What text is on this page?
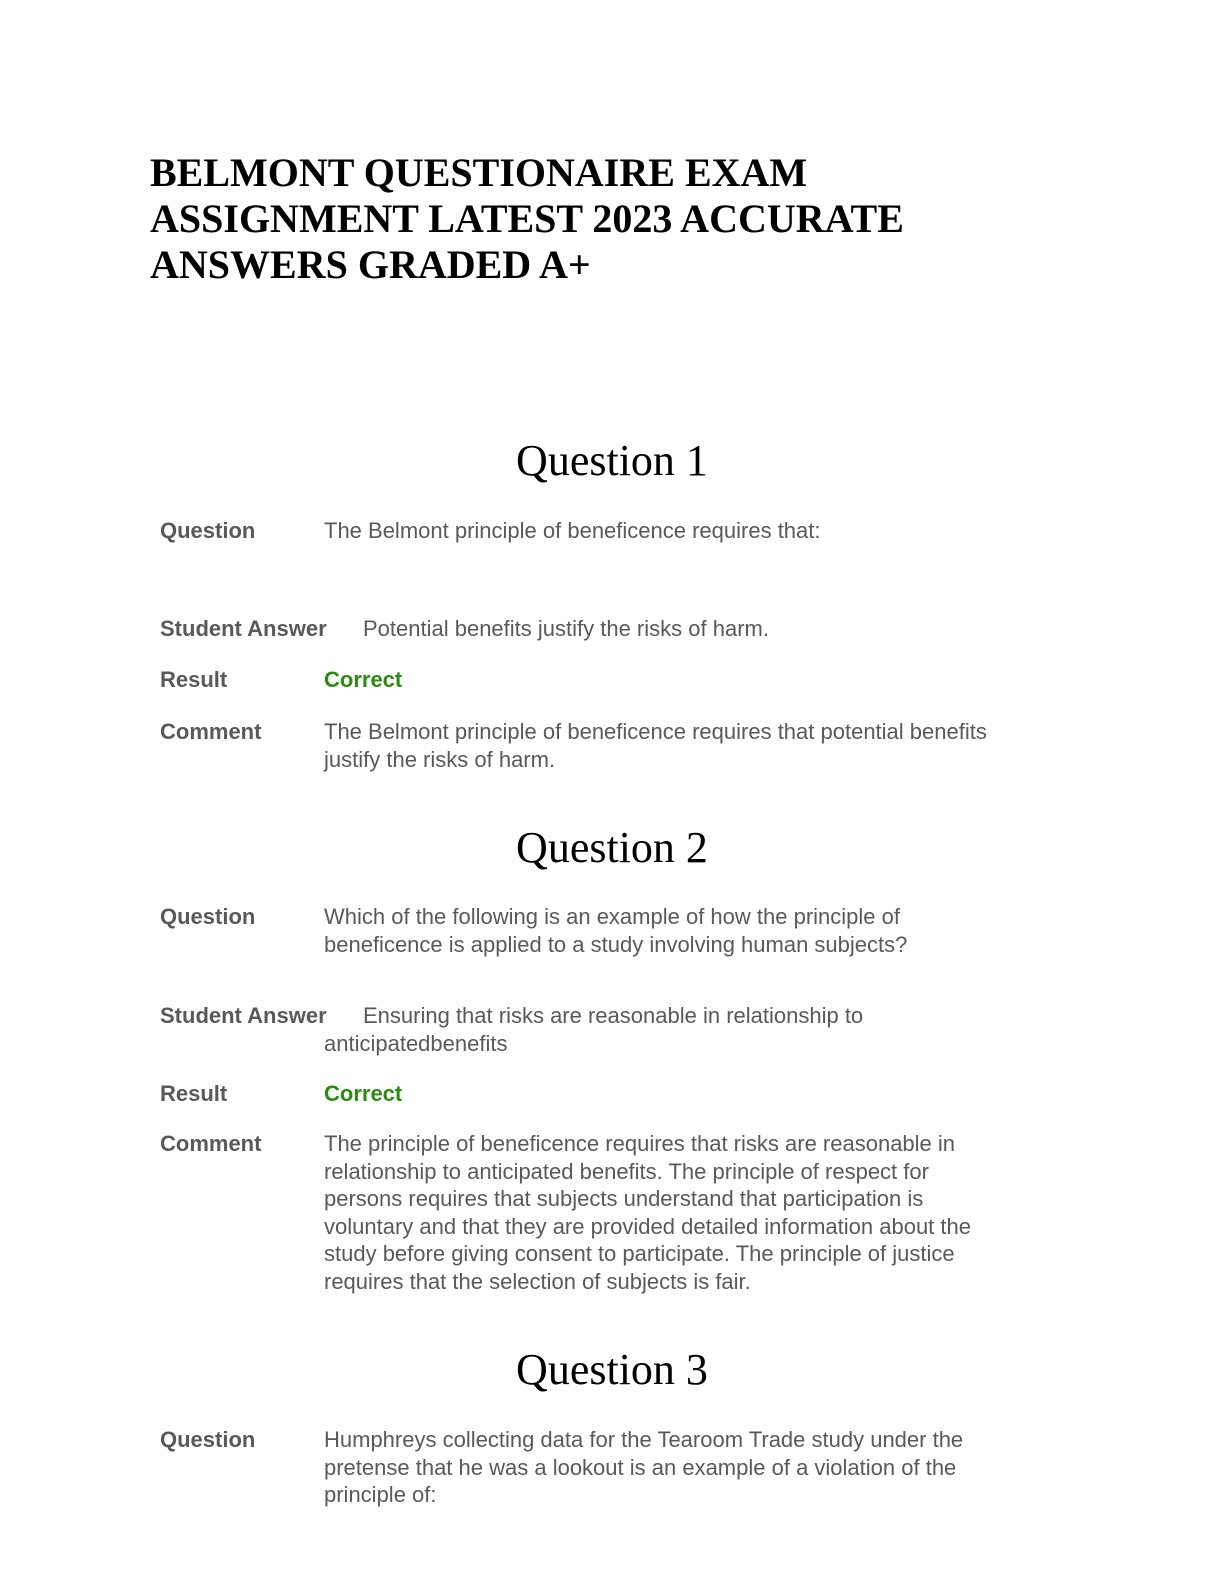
BELMONT QUESTIONAIRE EXAM
ASSIGNMENT LATEST 2023 ACCURATE
ANSWERS GRADED A+
Question 1
Question	The Belmont principle of beneficence requires that:
Student Answer Potential benefits justify the risks of harm.
Result	Correct
Comment	The Belmont principle of beneficence requires that potential benefits
justify the risks of harm.
Question 2
Question	Which of the following is an example of how the principle of
beneficence is applied to a study involving human subjects?
Student Answer Ensuring that risks are reasonable in relationship to
anticipatedbenefits
Result	Correct
Comment	The principle of beneficence requires that risks are reasonable in
relationship to anticipated benefits. The principle of respect for
persons requires that subjects understand that participation is
voluntary and that they are provided detailed information about the
study before giving consent to participate. The principle of justice
requires that the selection of subjects is fair.
Question 3
Question	Humphreys collecting data for the Tearoom Trade study under the
pretense that he was a lookout is an example of a violation of the
principle of:
